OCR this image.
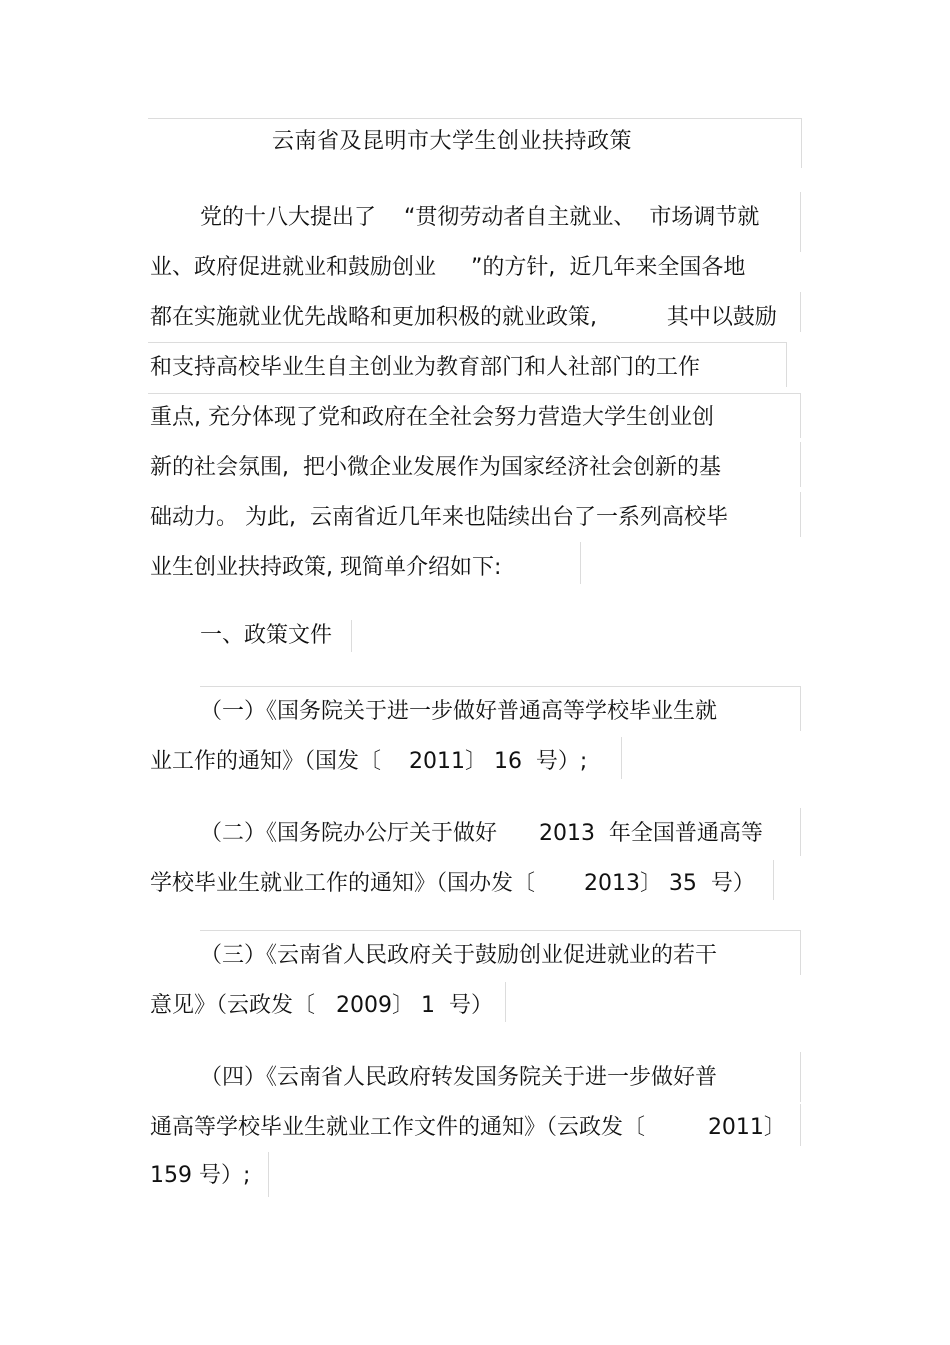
云南省及昆明市大学生创业扶持政策
党的十八大提出了    “贯彻劳动者自主就业、  市场调节就
业、政府促进就业和鼓励创业     ”的方针,  近几年来全国各地
都在实施就业优先战略和更加积极的就业政策,          其中以鼓励
和支持高校毕业生自主创业为教育部门和人社部门的工作
重点, 充分体现了党和政府在全社会努力营造大学生创业创
新的社会氛围,  把小微企业发展作为国家经济社会创新的基
础动力。 为此,  云南省近几年来也陆续出台了一系列高校毕
业生创业扶持政策, 现简单介绍如下:
一、政策文件
（一）《国务院关于进一步做好普通高等学校毕业生就
业工作的通知》（国发〔    2011〕 16  号）;
（二）《国务院办公厅关于做好      2013  年全国普通高等
学校毕业生就业工作的通知》（国办发〔       2013〕 35  号）
（三）《云南省人民政府关于鼓励创业促进就业的若干
意见》（云政发〔   2009〕 1  号）
（四）《云南省人民政府转发国务院关于进一步做好普
通高等学校毕业生就业工作文件的通知》（云政发〔         2011〕
159 号）;
